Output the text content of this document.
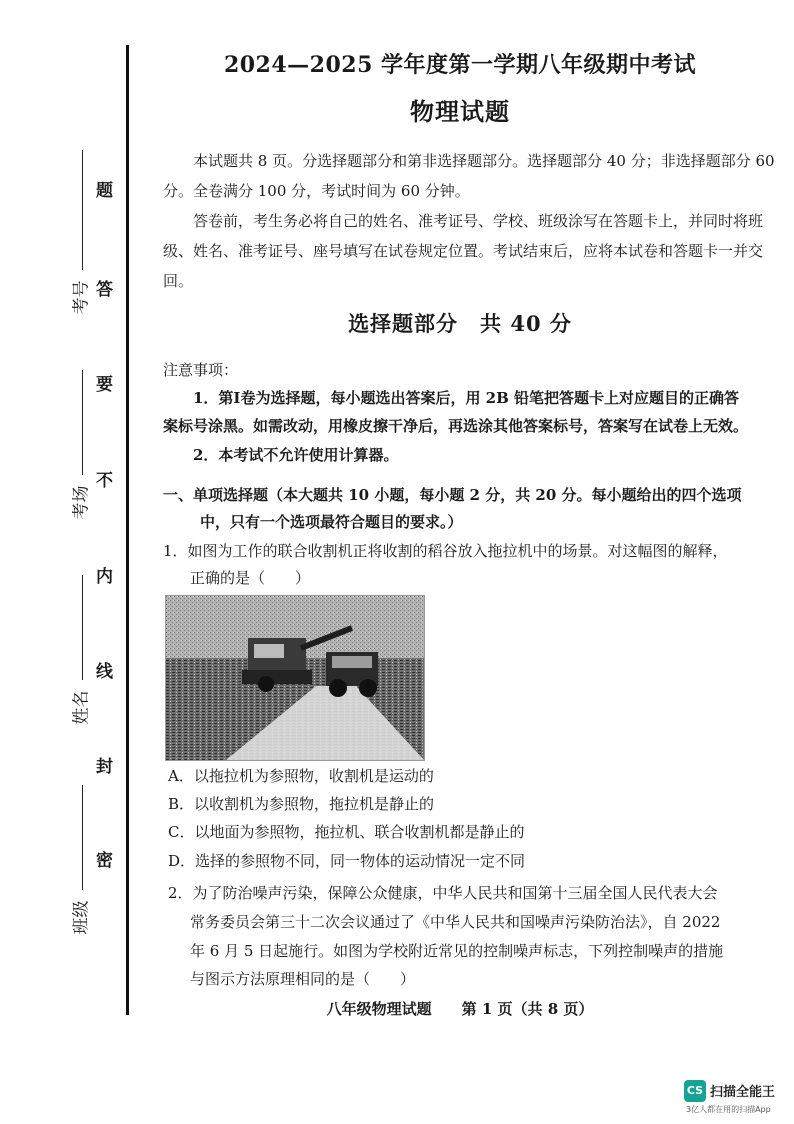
题
答
要
不
内
线
封
密
考号
考场
姓名
班级
2024—2025 学年度第一学期八年级期中考试
物理试题
本试题共 8 页。分选择题部分和第非选择题部分。选择题部分 40 分；非选择题部分 60 分。全卷满分 100 分，考试时间为 60 分钟。
答卷前，考生务必将自己的姓名、准考证号、学校、班级涂写在答题卡上，并同时将班级、姓名、准考证号、座号填写在试卷规定位置。考试结束后，应将本试卷和答题卡一并交回。
选择题部分　共 40 分
注意事项：
1．第Ⅰ卷为选择题，每小题选出答案后，用 2B 铅笔把答题卡上对应题目的正确答
案标号涂黑。如需改动，用橡皮擦干净后，再选涂其他答案标号，答案写在试卷上无效。
2．本考试不允许使用计算器。
一、单项选择题（本大题共 10 小题，每小题 2 分，共 20 分。每小题给出的四个选项
中，只有一个选项最符合题目的要求。）
1．如图为工作的联合收割机正将收割的稻谷放入拖拉机中的场景。对这幅图的解释，
正确的是（　　）
A．以拖拉机为参照物，收割机是运动的
B．以收割机为参照物，拖拉机是静止的
C．以地面为参照物，拖拉机、联合收割机都是静止的
D．选择的参照物不同，同一物体的运动情况一定不同
2．为了防治噪声污染，保障公众健康，中华人民共和国第十三届全国人民代表大会
常务委员会第三十二次会议通过了《中华人民共和国噪声污染防治法》，自 2022
年 6 月 5 日起施行。如图为学校附近常见的控制噪声标志，下列控制噪声的措施
与图示方法原理相同的是（　　）
八年级物理试题　　第 1 页（共 8 页）
CS 扫描全能王
3亿人都在用的扫描App
